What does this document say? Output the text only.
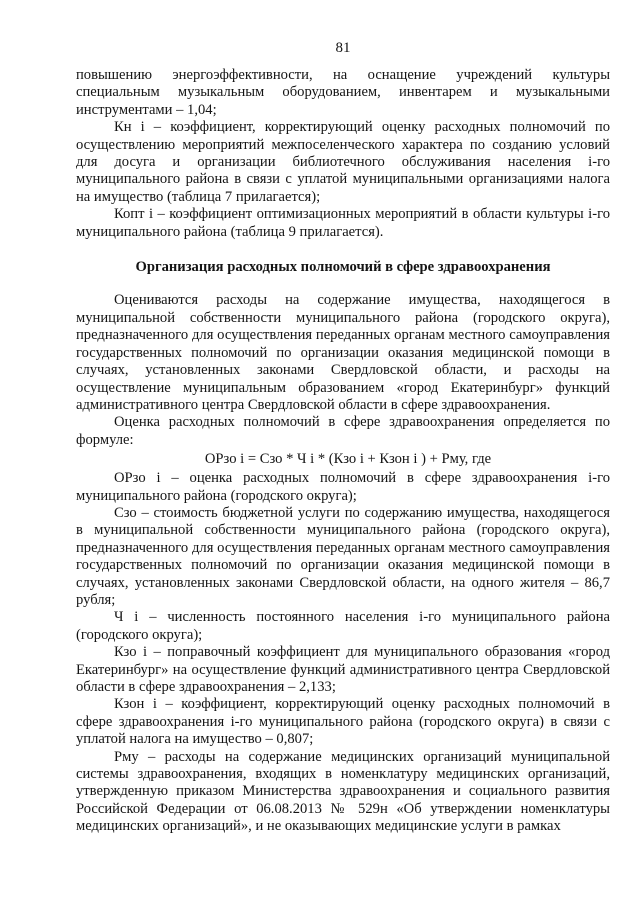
81

повышению энергоэффективности, на оснащение учреждений культуры специальным музыкальным оборудованием, инвентарем и музыкальными инструментами – 1,04;

Кн i – коэффициент, корректирующий оценку расходных полномочий по осуществлению мероприятий межпоселенческого характера по созданию условий для досуга и организации библиотечного обслуживания населения i-го муниципального района в связи с уплатой муниципальными организациями налога на имущество (таблица 7 прилагается);

Копт i – коэффициент оптимизационных мероприятий в области культуры i-го муниципального района (таблица 9 прилагается).

Организация расходных полномочий в сфере здравоохранения

Оцениваются расходы на содержание имущества, находящегося в муниципальной собственности муниципального района (городского округа), предназначенного для осуществления переданных органам местного самоуправления государственных полномочий по организации оказания медицинской помощи в случаях, установленных законами Свердловской области, и расходы на осуществление муниципальным образованием «город Екатеринбург» функций административного центра Свердловской области в сфере здравоохранения.

Оценка расходных полномочий в сфере здравоохранения определяется по формуле:

ОРзо i = Сзо * Ч i * (Кзо i + Кзон i ) + Рму, где

ОРзо i – оценка расходных полномочий в сфере здравоохранения i-го муниципального района (городского округа);

Сзо – стоимость бюджетной услуги по содержанию имущества, находящегося в муниципальной собственности муниципального района (городского округа), предназначенного для осуществления переданных органам местного самоуправления государственных полномочий по организации оказания медицинской помощи в случаях, установленных законами Свердловской области, на одного жителя – 86,7 рубля;

Ч i – численность постоянного населения i-го муниципального района (городского округа);

Кзо i – поправочный коэффициент для муниципального образования «город Екатеринбург» на осуществление функций административного центра Свердловской области в сфере здравоохранения – 2,133;

Кзон i – коэффициент, корректирующий оценку расходных полномочий в сфере здравоохранения i-го муниципального района (городского округа) в связи с уплатой налога на имущество – 0,807;

Рму – расходы на содержание медицинских организаций муниципальной системы здравоохранения, входящих в номенклатуру медицинских организаций, утвержденную приказом Министерства здравоохранения и социального развития Российской Федерации от 06.08.2013 № 529н «Об утверждении номенклатуры медицинских организаций», и не оказывающих медицинские услуги в рамках
